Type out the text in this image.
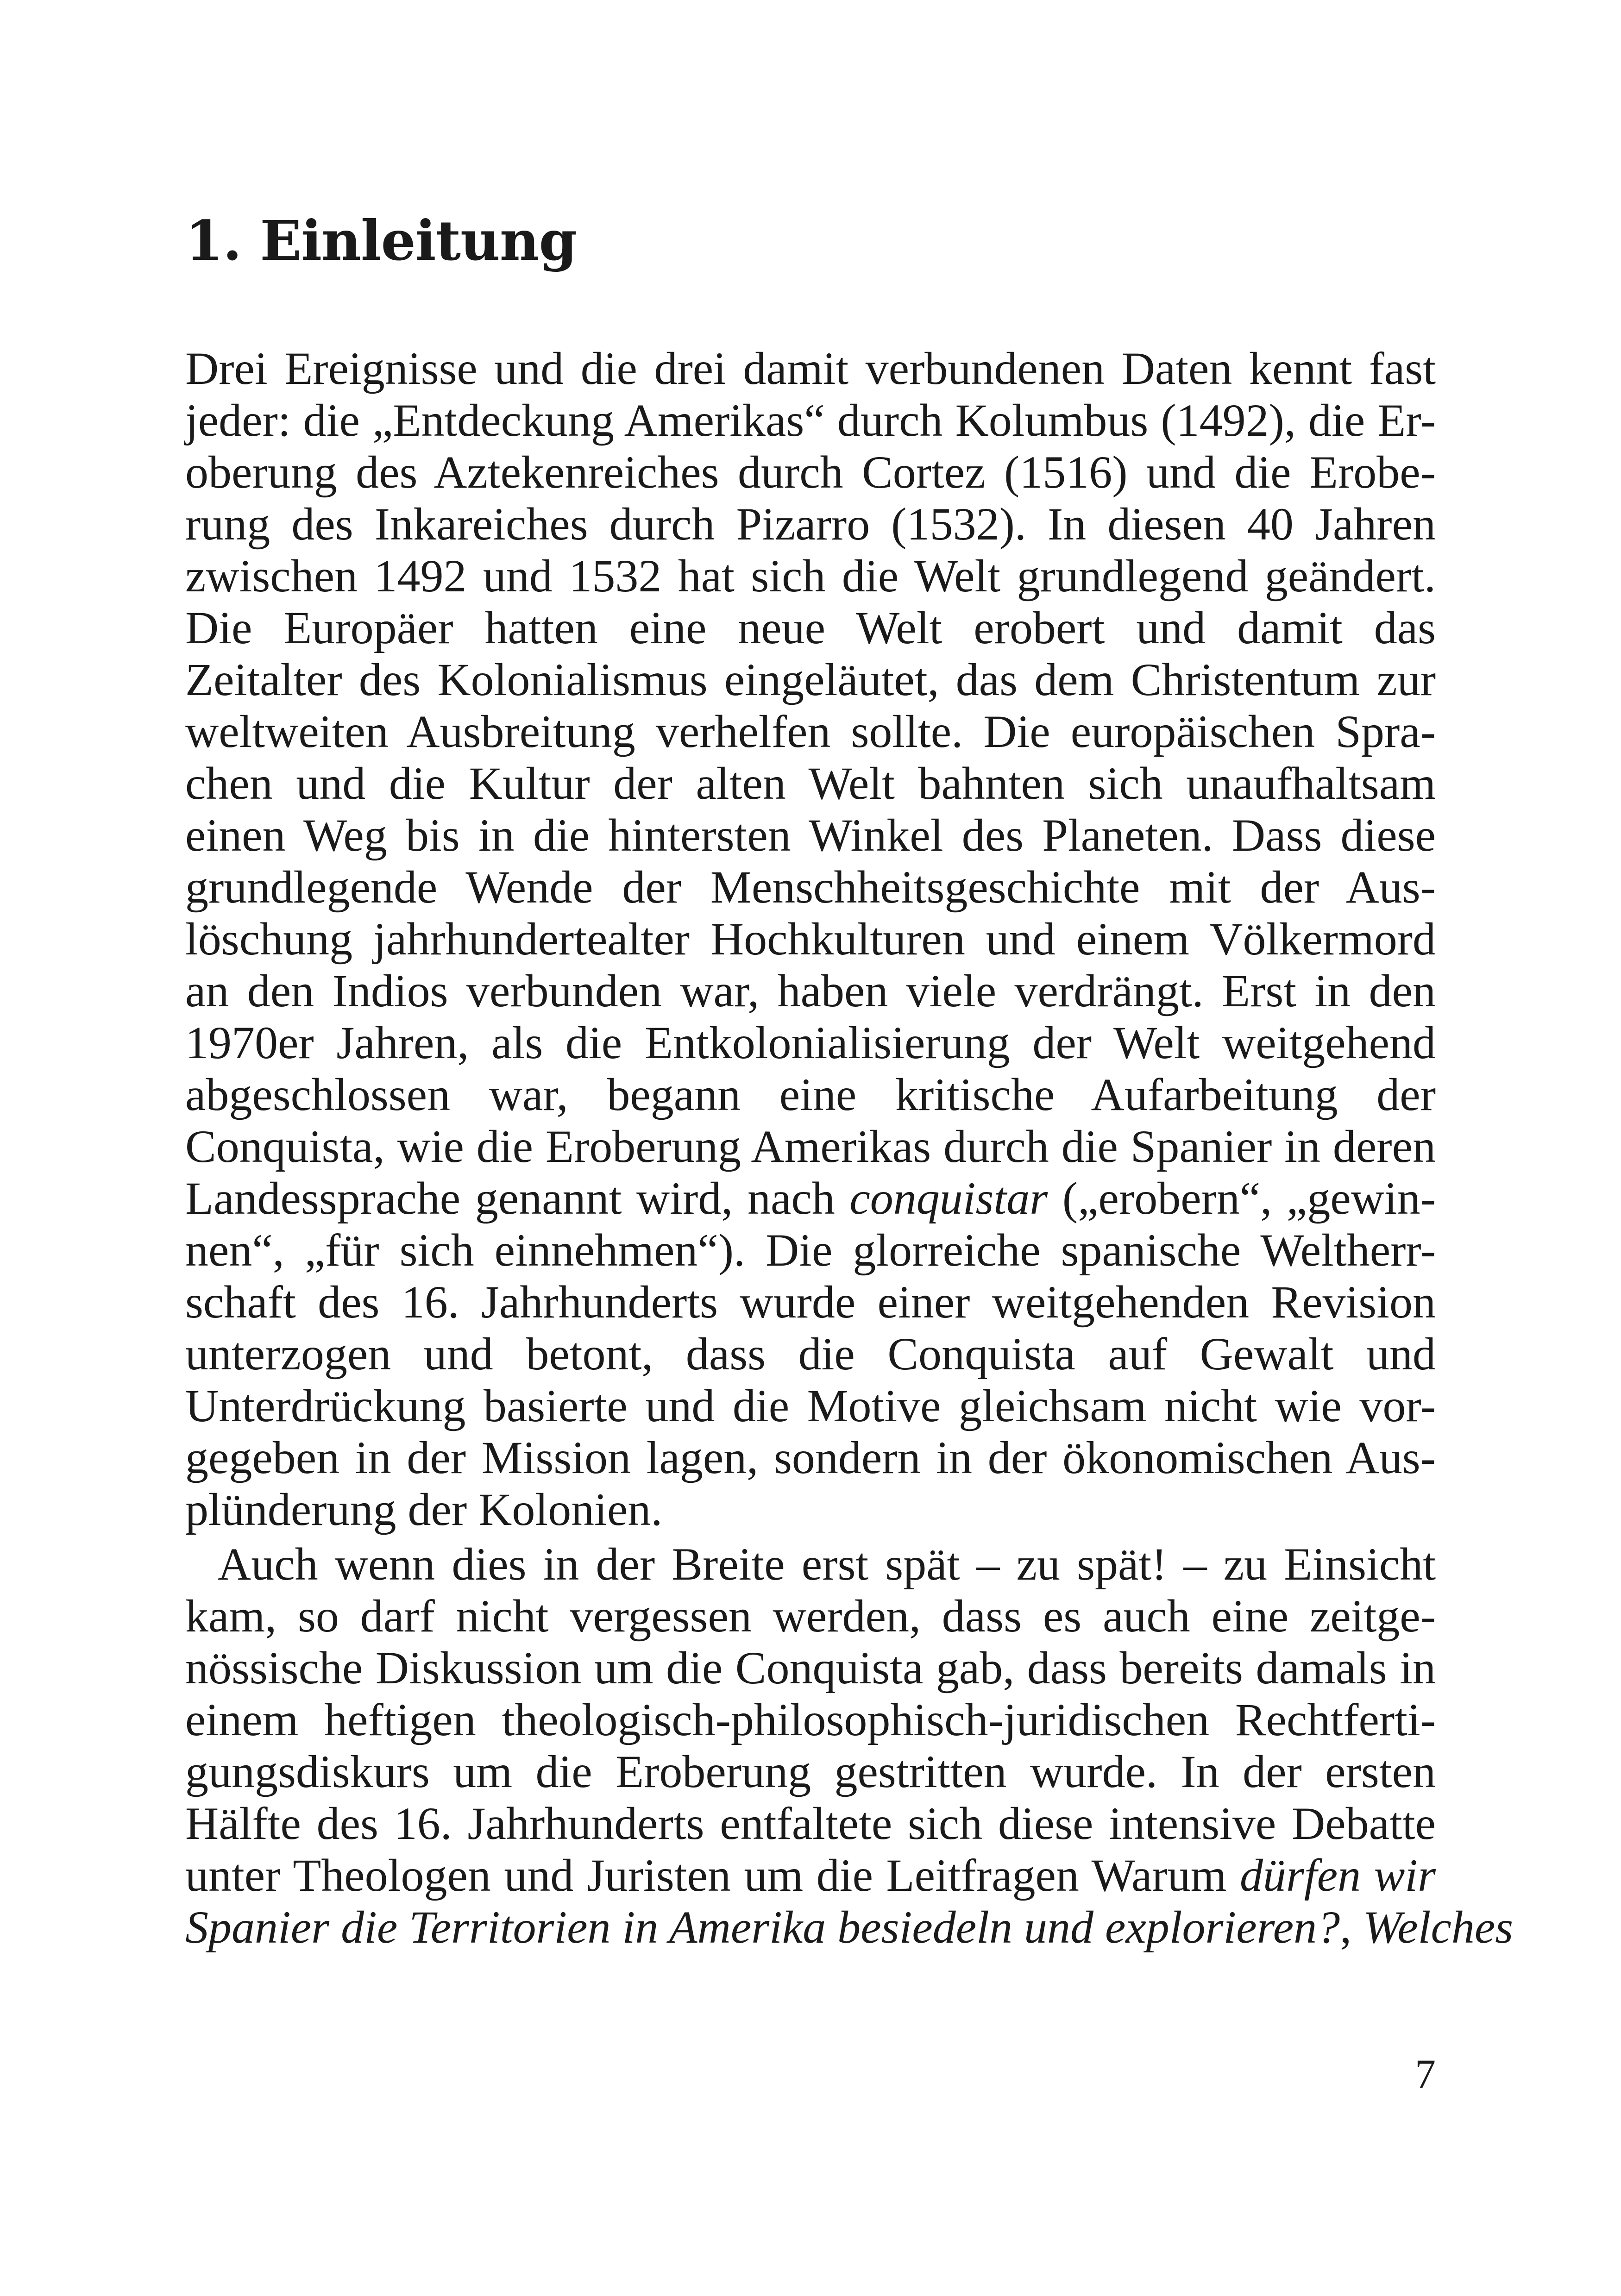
1. Einleitung
Drei Ereignisse und die drei damit verbundenen Daten kennt fast
jeder: die „Entdeckung Amerikas“ durch Kolumbus (1492), die Er-
oberung des Aztekenreiches durch Cortez (1516) und die Erobe-
rung des Inkareiches durch Pizarro (1532). In diesen 40 Jahren
zwischen 1492 und 1532 hat sich die Welt grundlegend geändert.
Die Europäer hatten eine neue Welt erobert und damit das
Zeitalter des Kolonialismus eingeläutet, das dem Christentum zur
weltweiten Ausbreitung verhelfen sollte. Die europäischen Spra-
chen und die Kultur der alten Welt bahnten sich unaufhaltsam
einen Weg bis in die hintersten Winkel des Planeten. Dass diese
grundlegende Wende der Menschheitsgeschichte mit der Aus-
löschung jahrhundertealter Hochkulturen und einem Völkermord
an den Indios verbunden war, haben viele verdrängt. Erst in den
1970er Jahren, als die Entkolonialisierung der Welt weitgehend
abgeschlossen war, begann eine kritische Aufarbeitung der
Conquista, wie die Eroberung Amerikas durch die Spanier in deren
Landessprache genannt wird, nach conquistar („erobern“, „gewin-
nen“, „für sich einnehmen“). Die glorreiche spanische Weltherr-
schaft des 16. Jahrhunderts wurde einer weitgehenden Revision
unterzogen und betont, dass die Conquista auf Gewalt und
Unterdrückung basierte und die Motive gleichsam nicht wie vor-
gegeben in der Mission lagen, sondern in der ökonomischen Aus-
plünderung der Kolonien.
Auch wenn dies in der Breite erst spät – zu spät! – zu Einsicht
kam, so darf nicht vergessen werden, dass es auch eine zeitge-
nössische Diskussion um die Conquista gab, dass bereits damals in
einem heftigen theologisch-philosophisch-juridischen Rechtferti-
gungsdiskurs um die Eroberung gestritten wurde. In der ersten
Hälfte des 16. Jahrhunderts entfaltete sich diese intensive Debatte
unter Theologen und Juristen um die Leitfragen Warum dürfen wir
Spanier die Territorien in Amerika besiedeln und explorieren?, Welches
7
